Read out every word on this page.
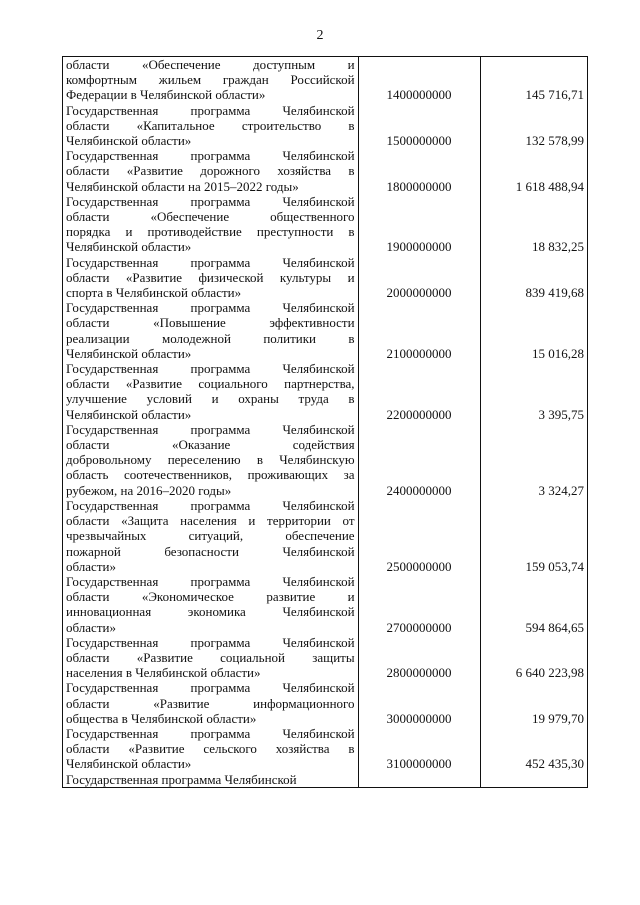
2
области «Обеспечение доступным и
комфортным жильем граждан Российской
Федерации в Челябинской области»	1400000000	145 716,71

Государственная программа Челябинской
области «Капитальное строительство в
Челябинской области»	1500000000	132 578,99

Государственная программа Челябинской
области «Развитие дорожного хозяйства в
Челябинской области на 2015–2022 годы»	1800000000	1 618 488,94

Государственная программа Челябинской
области «Обеспечение общественного
порядка и противодействие преступности в
Челябинской области»	1900000000	18 832,25

Государственная программа Челябинской
области «Развитие физической культуры и
спорта в Челябинской области»	2000000000	839 419,68

Государственная программа Челябинской
области «Повышение эффективности
реализации молодежной политики в
Челябинской области»	2100000000	15 016,28

Государственная программа Челябинской
области «Развитие социального партнерства,
улучшение условий и охраны труда в
Челябинской области»	2200000000	3 395,75

Государственная программа Челябинской
области «Оказание содействия
добровольному переселению в Челябинскую
область соотечественников, проживающих за
рубежом, на 2016–2020 годы»	2400000000	3 324,27

Государственная программа Челябинской
области «Защита населения и территории от
чрезвычайных ситуаций, обеспечение
пожарной безопасности Челябинской
области»	2500000000	159 053,74

Государственная программа Челябинской
области «Экономическое развитие и
инновационная экономика Челябинской
области»	2700000000	594 864,65

Государственная программа Челябинской
области «Развитие социальной защиты
населения в Челябинской области»	2800000000	6 640 223,98

Государственная программа Челябинской
области «Развитие информационного
общества в Челябинской области»	3000000000	19 979,70

Государственная программа Челябинской
области «Развитие сельского хозяйства в
Челябинской области»	3100000000	452 435,30

Государственная программа Челябинской		
